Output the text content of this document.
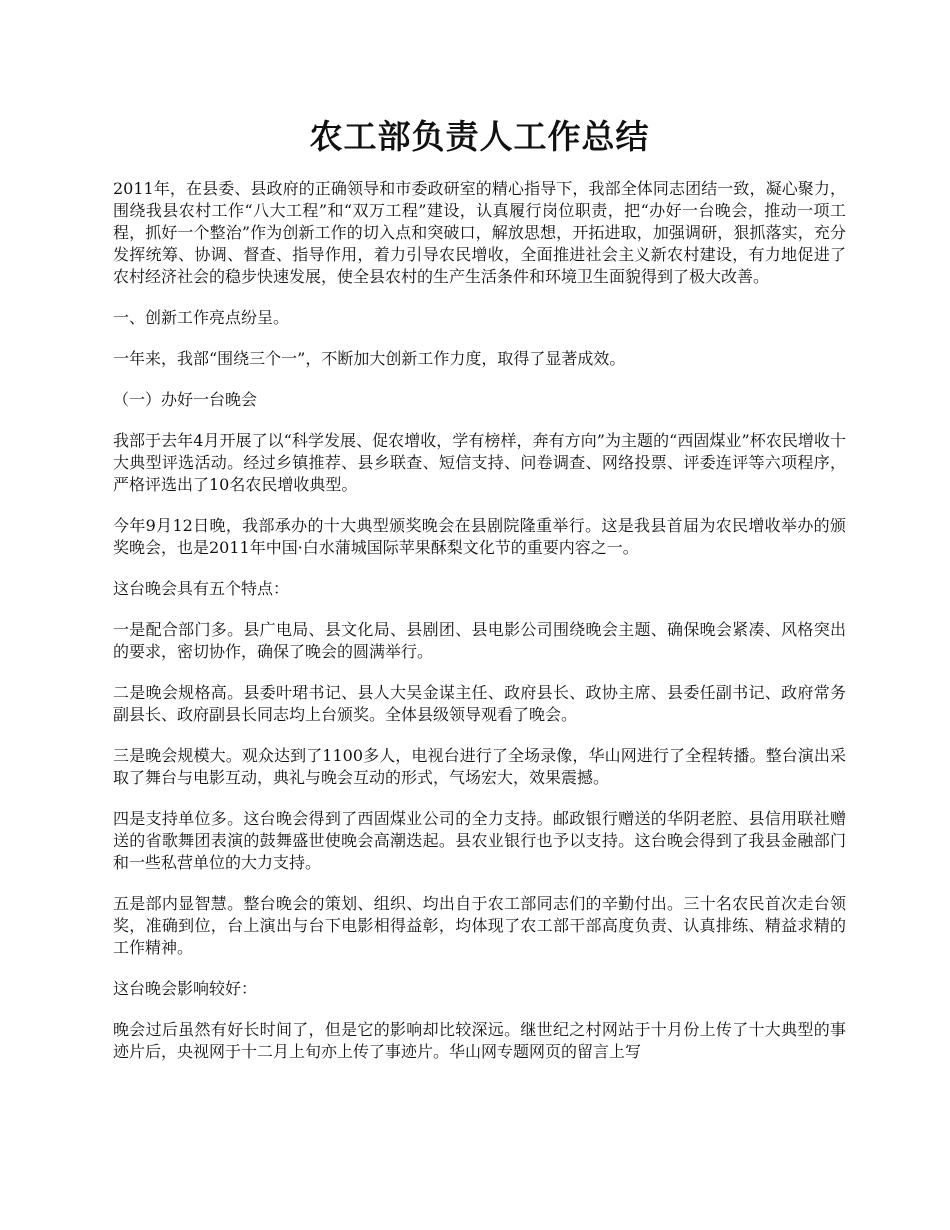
农工部负责人工作总结

2011年，在县委、县政府的正确领导和市委政研室的精心指导下，我部全体同志团结一致，凝心聚力，围绕我县农村工作“八大工程”和“双万工程”建设，认真履行岗位职责，把“办好一台晚会，推动一项工程，抓好一个整治”作为创新工作的切入点和突破口，解放思想，开拓进取，加强调研，狠抓落实，充分发挥统筹、协调、督查、指导作用，着力引导农民增收，全面推进社会主义新农村建设，有力地促进了农村经济社会的稳步快速发展，使全县农村的生产生活条件和环境卫生面貌得到了极大改善。

一、创新工作亮点纷呈。

一年来，我部“围绕三个一”，不断加大创新工作力度，取得了显著成效。

（一）办好一台晚会

我部于去年4月开展了以“科学发展、促农增收，学有榜样，奔有方向”为主题的“西固煤业”杯农民增收十大典型评选活动。经过乡镇推荐、县乡联查、短信支持、问卷调查、网络投票、评委连评等六项程序，严格评选出了10名农民增收典型。

今年9月12日晚，我部承办的十大典型颁奖晚会在县剧院隆重举行。这是我县首届为农民增收举办的颁奖晚会，也是2011年中国·白水蒲城国际苹果酥梨文化节的重要内容之一。

这台晚会具有五个特点：

一是配合部门多。县广电局、县文化局、县剧团、县电影公司围绕晚会主题、确保晚会紧凑、风格突出的要求，密切协作，确保了晚会的圆满举行。

二是晚会规格高。县委叶珺书记、县人大吴金谋主任、政府县长、政协主席、县委任副书记、政府常务副县长、政府副县长同志均上台颁奖。全体县级领导观看了晚会。

三是晚会规模大。观众达到了1100多人，电视台进行了全场录像，华山网进行了全程转播。整台演出采取了舞台与电影互动，典礼与晚会互动的形式，气场宏大，效果震撼。

四是支持单位多。这台晚会得到了西固煤业公司的全力支持。邮政银行赠送的华阴老腔、县信用联社赠送的省歌舞团表演的鼓舞盛世使晚会高潮迭起。县农业银行也予以支持。这台晚会得到了我县金融部门和一些私营单位的大力支持。

五是部内显智慧。整台晚会的策划、组织、均出自于农工部同志们的辛勤付出。三十名农民首次走台领奖，准确到位，台上演出与台下电影相得益彰，均体现了农工部干部高度负责、认真排练、精益求精的工作精神。

这台晚会影响较好：

晚会过后虽然有好长时间了，但是它的影响却比较深远。继世纪之村网站于十月份上传了十大典型的事迹片后，央视网于十二月上旬亦上传了事迹片。华山网专题网页的留言上写
